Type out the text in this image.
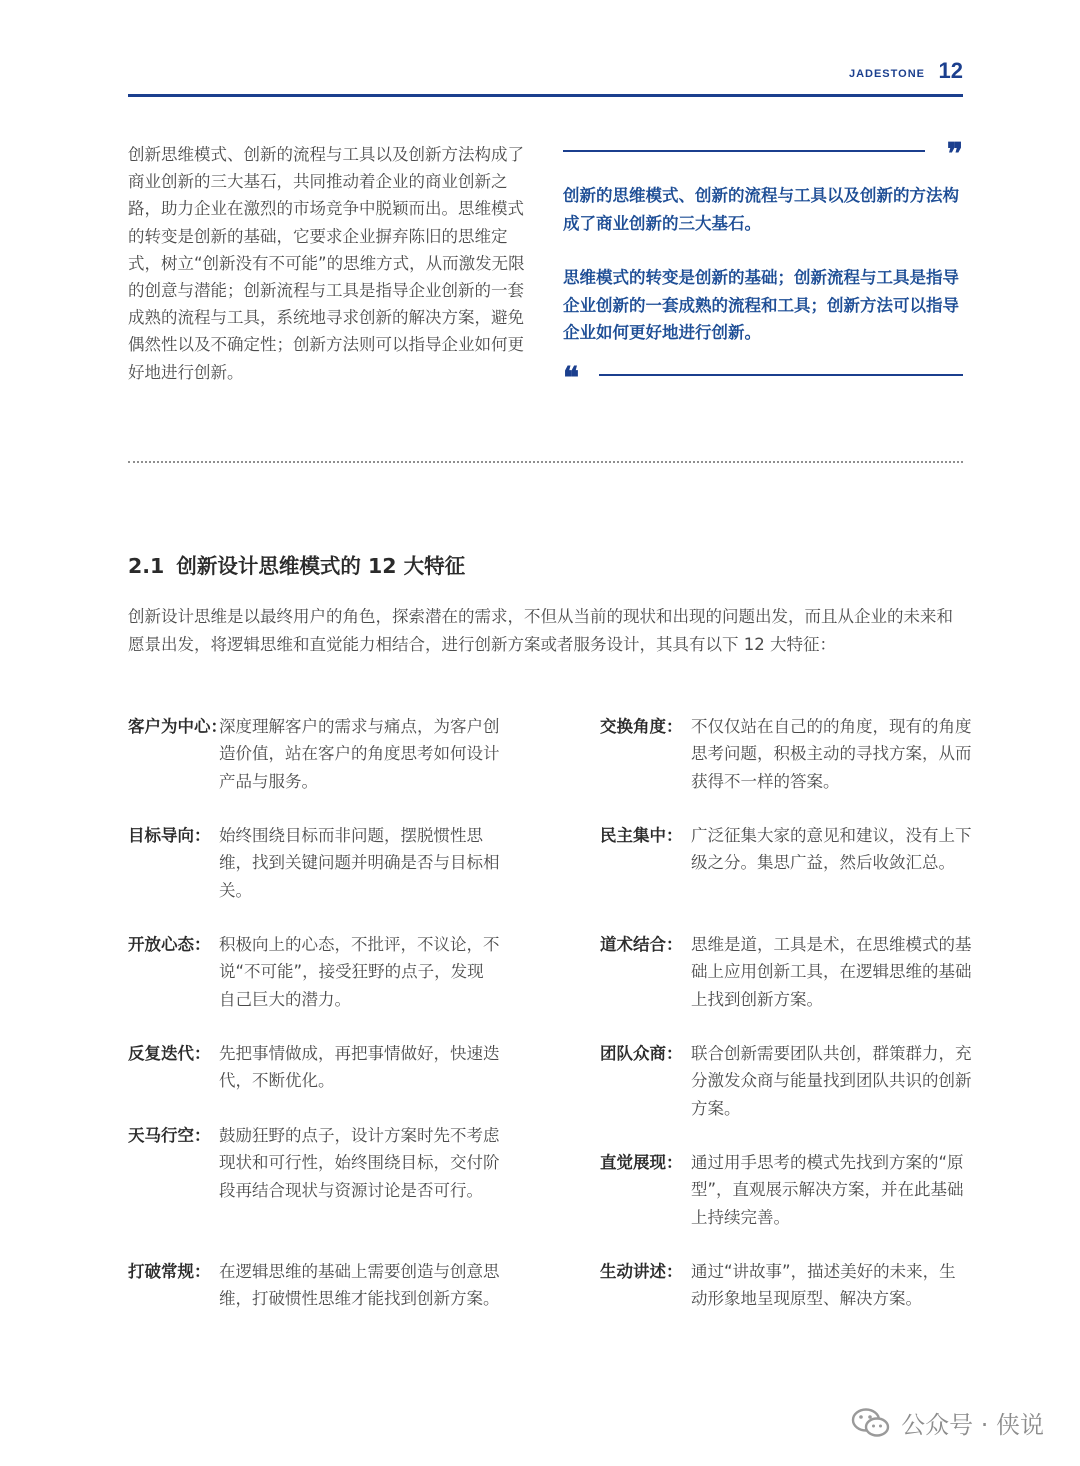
JADESTONE 12

创新思维模式、创新的流程与工具以及创新方法构成了商业创新的三大基石，共同推动着企业的商业创新之路，助力企业在激烈的市场竞争中脱颖而出。思维模式的转变是创新的基础，它要求企业摒弃陈旧的思维定式，树立“创新没有不可能”的思维方式，从而激发无限的创意与潜能；创新流程与工具是指导企业创新的一套成熟的流程与工具，系统地寻求创新的解决方案，避免偶然性以及不确定性；创新方法则可以指导企业如何更好地进行创新。

❞

创新的思维模式、创新的流程与工具以及创新的方法构成了商业创新的三大基石。

思维模式的转变是创新的基础；创新流程与工具是指导企业创新的一套成熟的流程和工具；创新方法可以指导企业如何更好地进行创新。

❝
2.1 创新设计思维模式的 12 大特征

创新设计思维是以最终用户的角色，探索潜在的需求，不但从当前的现状和出现的问题出发，而且从企业的未来和愿景出发，将逻辑思维和直觉能力相结合，进行创新方案或者服务设计，其具有以下 12 大特征：

客户为中心：

深度理解客户的需求与痛点，为客户创造价值，站在客户的角度思考如何设计产品与服务。

目标导向： 始终围绕目标而非问题，摆脱惯性思维，找到关键问题并明确是否与目标相关。

开放心态： 积极向上的心态，不批评，不议论，不说“不可能”，接受狂野的点子，发现自己巨大的潜力。

反复迭代： 先把事情做成，再把事情做好，快速迭代，不断优化。

天马行空： 鼓励狂野的点子，设计方案时先不考虑现状和可行性，始终围绕目标，交付阶段再结合现状与资源讨论是否可行。

打破常规： 在逻辑思维的基础上需要创造与创意思维，打破惯性思维才能找到创新方案。

交换角度： 不仅仅站在自己的的角度，现有的角度思考问题，积极主动的寻找方案，从而获得不一样的答案。

民主集中： 广泛征集大家的意见和建议，没有上下级之分。集思广益，然后收敛汇总。

道术结合： 思维是道，工具是术，在思维模式的基础上应用创新工具，在逻辑思维的基础上找到创新方案。

团队众商： 联合创新需要团队共创，群策群力，充分激发众商与能量找到团队共识的创新方案。

直觉展现： 通过用手思考的模式先找到方案的“原型”，直观展示解决方案，并在此基础上持续完善。

生动讲述： 通过“讲故事”，描述美好的未来，生动形象地呈现原型、解决方案。

公众号 · 侠说
